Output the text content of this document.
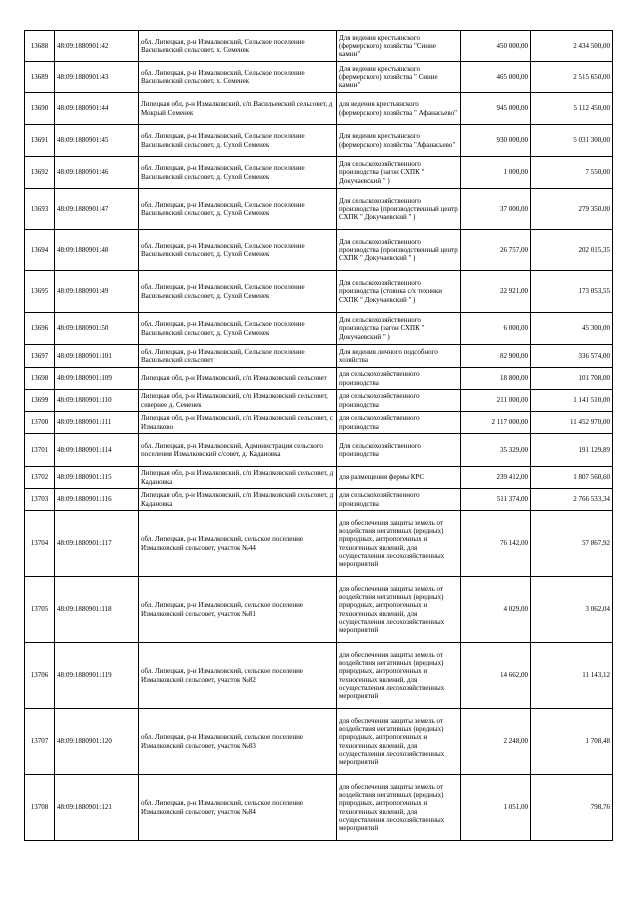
13688	48:09:1880901:42	обл. Липецкая, р-н Измалковский, Сельское поселение Васильевский сельсовет, х. Семенек	Для ведения крестьянского (фермерского) хозяйства "Синие камни"	450 000,00	2 434 500,00
13689	48:09:1880901:43	обл. Липецкая, р-н Измалковский, Сельское поселение Васильевский сельсовет, х. Семенек	Для ведения крестьянского (фермерского) хозяйства " Синие камни"	465 000,00	2 515 650,00
13690	48:09:1880901:44	Липецкая обл, р-н Измалковский, с/п Васильевский сельсовет, д Мокрый Семенек	для ведения крестьянского (фермерского) хозяйства " Афанасьево"	945 000,00	5 112 450,00
13691	48:09:1880901:45	обл. Липецкая, р-н Измалковский, Сельское поселение Васильевский сельсовет, д. Сухой Семенек	Для ведения крестьянского (фермерского) хозяйства "Афанасьево"	930 000,00	5 031 300,00
13692	48:09:1880901:46	обл. Липецкая, р-н Измалковский, Сельское поселение Васильевский сельсовет, д. Сухой Семенек	Для сельскохозяйственного производства (загон СХПК " Докучаевский " )	1 000,00	7 550,00
13693	48:09:1880901:47	обл. Липецкая, р-н Измалковский, Сельское поселение Васильевский сельсовет, д. Сухой Семенек	Для сельскохозяйственного производства (производственный центр СХПК " Докучаевский " )	37 000,00	279 350,00
13694	48:09:1880901:48	обл. Липецкая, р-н Измалковский, Сельское поселение Васильевский сельсовет, д. Сухой Семенек	Для сельскохозяйственного производства (производственный центр СХПК " Докучаевский " )	26 757,00	202 015,35
13695	48:09:1880901:49	обл. Липецкая, р-н Измалковский, Сельское поселение Васильевский сельсовет, д. Сухой Семенек	Для сельскохозяйственного производства (стоянка с/х техники СХПК " Докучаевский " )	22 921,00	173 053,55
13696	48:09:1880901:50	обл. Липецкая, р-н Измалковский, Сельское поселение Васильевский сельсовет, д. Сухой Семенек	Для сельскохозяйственного производства (загон СХПК " Докучаевский " )	6 000,00	45 300,00
13697	48:09:1880901:101	обл. Липецкая, р-н Измалковский, Сельское поселение Васильевский сельсовет	Для ведения личного подсобного хозяйства	82 900,00	336 574,00
13698	48:09:1880901:109	Липецкая обл, р-н Измалковский, с/п Измалковский сельсовет	для сельскохозяйственного производства	18 800,00	101 708,00
13699	48:09:1880901:110	Липецкая обл, р-н Измалковский, с/п Измалковский сельсовет, севернее д. Семенек	для сельскохозяйственного производства	211 000,00	1 141 510,00
13700	48:09:1880901:111	Липецкая обл, р-н Измалковский, с/п Измалковский сельсовет, с Измалково	для сельскохозяйственного производства	2 117 000,00	11 452 970,00
13701	48:09:1880901:114	обл. Липецкая, р-н Измалковский, Администрация сельского поселения Измалковский с/совет, д. Кадановка	Для сельскохозяйственного производства	35 329,00	191 129,89
13702	48:09:1880901:115	Липецкая обл, р-н Измалковский, с/п Измалковский сельсовет, д Кадановка	для размещения фермы КРС	239 412,00	1 807 560,60
13703	48:09:1880901:116	Липецкая обл, р-н Измалковский, с/п Измалковский сельсовет, д Кадановка	для сельскохозяйственного производства	511 374,00	2 766 533,34
13704	48:09:1880901:117	обл. Липецкая, р-н Измалковский, сельское поселение Измалковский сельсовет, участок №44	для обеспечения защиты земель от воздействия негативных (вредных) природных, антропогенных и техногенных явлений, для осуществления лесохозяйственных мероприятий	76 142,00	57 867,92
13705	48:09:1880901:118	обл. Липецкая, р-н Измалковский, сельское поселение Измалковский сельсовет, участок №81	для обеспечения защиты земель от воздействия негативных (вредных) природных, антропогенных и техногенных явлений, для осуществления лесохозяйственных мероприятий	4 029,00	3 062,04
13706	48:09:1880901:119	обл. Липецкая, р-н Измалковский, сельское поселение Измалковский сельсовет, участок №82	для обеспечения защиты земель от воздействия негативных (вредных) природных, антропогенных и техногенных явлений, для осуществления лесохозяйственных мероприятий	14 662,00	11 143,12
13707	48:09:1880901:120	обл. Липецкая, р-н Измалковский, сельское поселение Измалковский сельсовет, участок №83	для обеспечения защиты земель от воздействия негативных (вредных) природных, антропогенных и техногенных явлений, для осуществления лесохозяйственных мероприятий	2 248,00	1 708,48
13708	48:09:1880901:121	обл. Липецкая, р-н Измалковский, сельское поселение Измалковский сельсовет, участок №84	для обеспечения защиты земель от воздействия негативных (вредных) природных, антропогенных и техногенных явлений, для осуществления лесохозяйственных мероприятий	1 051,00	798,76
